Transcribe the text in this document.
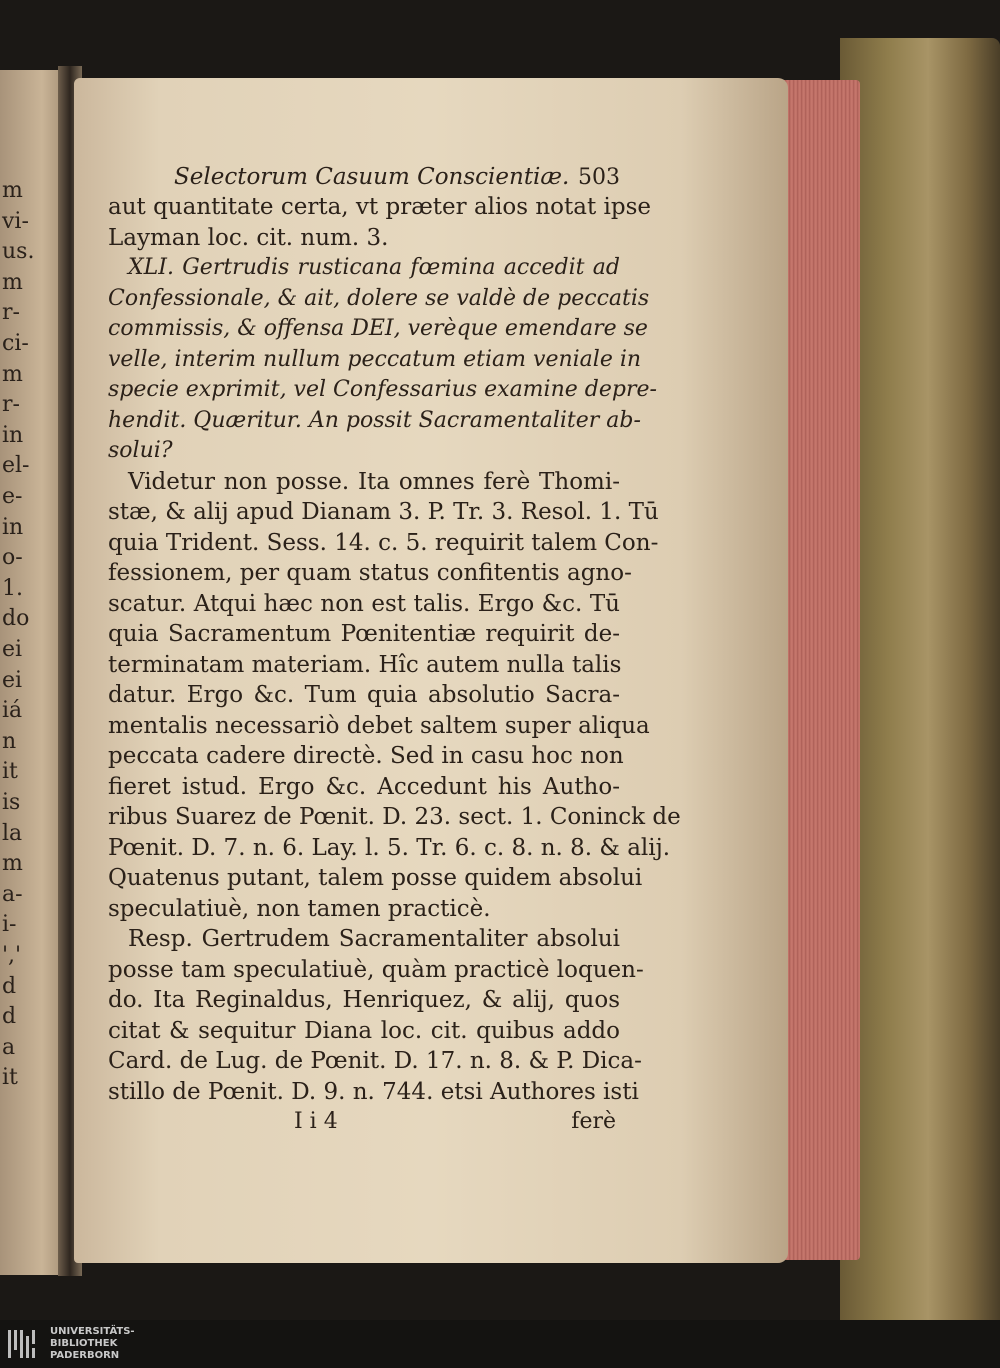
m
vi-
us.
m
r-
ci-
m
r-
in
el-
e-
in
o-
1.
do
ei
ei
iá
n
it
is
la
m
a-
i-
','
d
d
a
it
Selectorum Casuum Conscientiæ. 503
aut quantitate certa, vt præter alios notat ipse
Layman loc. cit. num. 3.
XLI. Gertrudis rusticana fœmina accedit ad
Confessionale, & ait, dolere se valdè de peccatis
commissis, & offensa DEI, verèque emendare se
velle, interim nullum peccatum etiam veniale in
specie exprimit, vel Confessarius examine depre-
hendit. Quæritur. An possit Sacramentaliter ab-
solui?
Videtur non posse. Ita omnes ferè Thomi-
stæ, & alij apud Dianam 3. P. Tr. 3. Resol. 1. Tū
quia Trident. Sess. 14. c. 5. requirit talem Con-
fessionem, per quam status confitentis agno-
scatur. Atqui hæc non est talis. Ergo &c. Tū
quia Sacramentum Pœnitentiæ requirit de-
terminatam materiam. Hîc autem nulla talis
datur. Ergo &c. Tum quia absolutio Sacra-
mentalis necessariò debet saltem super aliqua
peccata cadere directè. Sed in casu hoc non
fieret istud. Ergo &c. Accedunt his Autho-
ribus Suarez de Pœnit. D. 23. sect. 1. Coninck de
Pœnit. D. 7. n. 6. Lay. l. 5. Tr. 6. c. 8. n. 8. & alij.
Quatenus putant, talem posse quidem absolui
speculatiuè, non tamen practicè.
Resp. Gertrudem Sacramentaliter absolui
posse tam speculatiuè, quàm practicè loquen-
do. Ita Reginaldus, Henriquez, & alij, quos
citat & sequitur Diana loc. cit. quibus addo
Card. de Lug. de Pœnit. D. 17. n. 8. & P. Dica-
stillo de Pœnit. D. 9. n. 744. etsi Authores isti
I i 4	ferè
UNIVERSITÄTS-
BIBLIOTHEK
PADERBORN
